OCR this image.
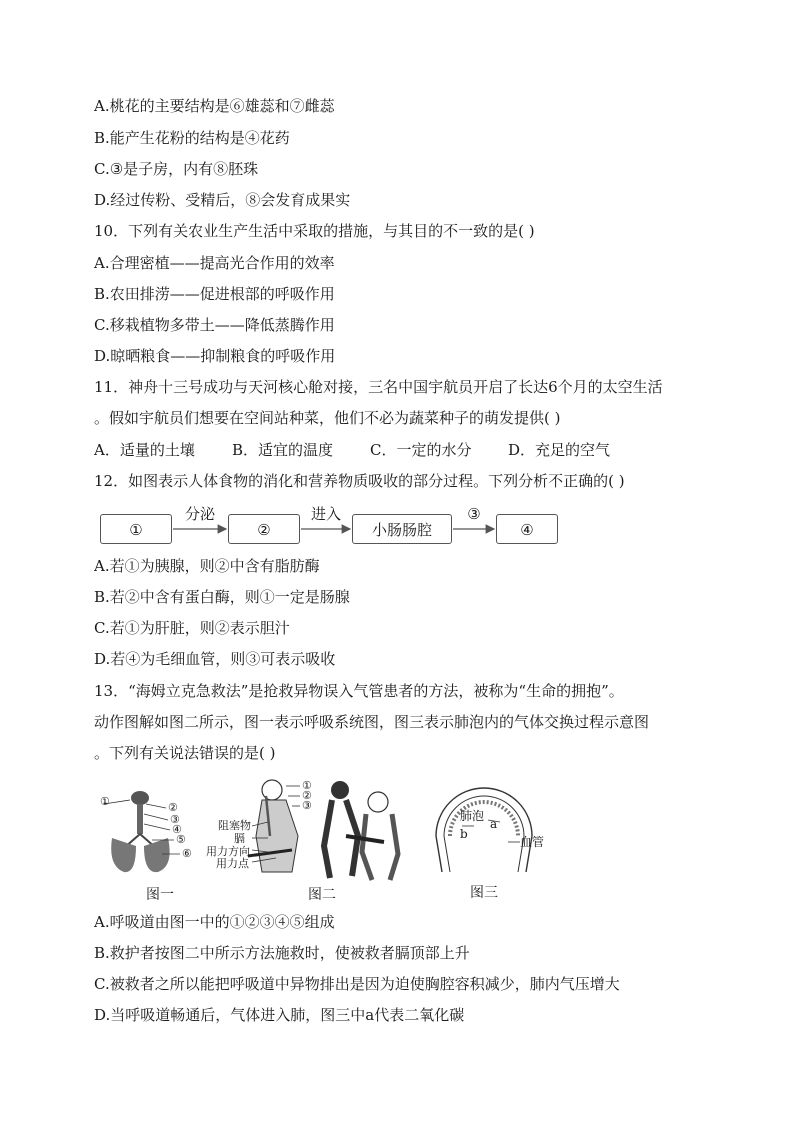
A.桃花的主要结构是⑥雄蕊和⑦雌蕊
B.能产生花粉的结构是④花药
C.③是子房，内有⑧胚珠
D.经过传粉、受精后，⑧会发育成果实
10．下列有关农业生产生活中采取的措施，与其目的不一致的是( )
A.合理密植——提高光合作用的效率
B.农田排涝——促进根部的呼吸作用
C.移栽植物多带土——降低蒸腾作用
D.晾晒粮食——抑制粮食的呼吸作用
11．神舟十三号成功与天河核心舱对接，三名中国宇航员开启了长达6个月的太空生活
。假如宇航员们想要在空间站种菜，他们不必为蔬菜种子的萌发提供( )
A．适量的土壤	B．适宜的温度	C．一定的水分	D．充足的空气
12．如图表示人体食物的消化和营养物质吸收的部分过程。下列分析不正确的( )
①
分泌
②
进入
小肠肠腔
③
④
A.若①为胰腺，则②中含有脂肪酶
B.若②中含有蛋白酶，则①一定是肠腺
C.若①为肝脏，则②表示胆汁
D.若④为毛细血管，则③可表示吸收
13．“海姆立克急救法”是抢救异物误入气管患者的方法，被称为“生命的拥抱”。
动作图解如图二所示，图一表示呼吸系统图，图三表示肺泡内的气体交换过程示意图
。下列有关说法错误的是( )
①	②
③
④
⑤
⑥
图一
阻塞物
膈
用力方向
用力点
①
②
③
图二
肺泡
a
b
血管
图三
A.呼吸道由图一中的①②③④⑤组成
B.救护者按图二中所示方法施救时，使被救者膈顶部上升
C.被救者之所以能把呼吸道中异物排出是因为迫使胸腔容积减少，肺内气压增大
D.当呼吸道畅通后，气体进入肺，图三中a代表二氧化碳
